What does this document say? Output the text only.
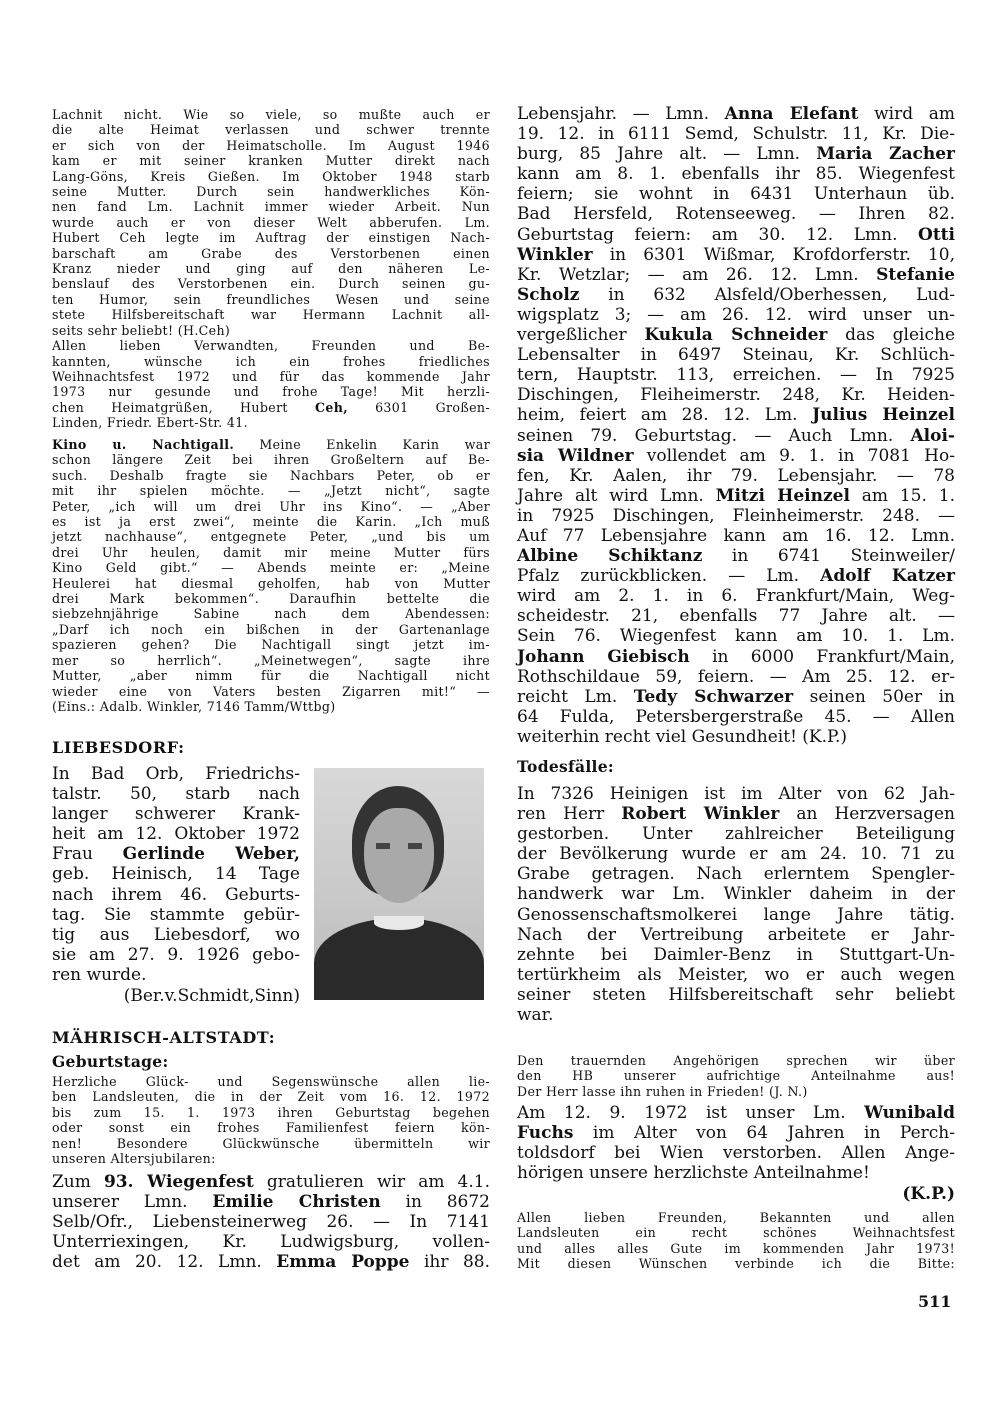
Lachnit nicht. Wie so viele, so mußte auch er
die alte Heimat verlassen und schwer trennte
er sich von der Heimatscholle. Im August 1946
kam er mit seiner kranken Mutter direkt nach
Lang-Göns, Kreis Gießen. Im Oktober 1948 starb
seine Mutter. Durch sein handwerkliches Kön-
nen fand Lm. Lachnit immer wieder Arbeit. Nun
wurde auch er von dieser Welt abberufen. Lm.
Hubert Ceh legte im Auftrag der einstigen Nach-
barschaft am Grabe des Verstorbenen einen
Kranz nieder und ging auf den näheren Le-
benslauf des Verstorbenen ein. Durch seinen gu-
ten Humor, sein freundliches Wesen und seine
stete Hilfsbereitschaft war Hermann Lachnit all-
seits sehr beliebt! (H.Ceh)
Allen lieben Verwandten, Freunden und Be-
kannten, wünsche ich ein frohes friedliches
Weihnachtsfest 1972 und für das kommende Jahr
1973 nur gesunde und frohe Tage! Mit herzli-
chen Heimatgrüßen, Hubert Ceh, 6301 Großen-
Linden, Friedr. Ebert-Str. 41.
Kino u. Nachtigall. Meine Enkelin Karin war
schon längere Zeit bei ihren Großeltern auf Be-
such. Deshalb fragte sie Nachbars Peter, ob er
mit ihr spielen möchte. — „Jetzt nicht“, sagte
Peter, „ich will um drei Uhr ins Kino“. — „Aber
es ist ja erst zwei“, meinte die Karin. „Ich muß
jetzt nachhause“, entgegnete Peter, „und bis um
drei Uhr heulen, damit mir meine Mutter fürs
Kino Geld gibt.“ — Abends meinte er: „Meine
Heulerei hat diesmal geholfen, hab von Mutter
drei Mark bekommen“. Daraufhin bettelte die
siebzehnjährige Sabine nach dem Abendessen:
„Darf ich noch ein bißchen in der Gartenanlage
spazieren gehen? Die Nachtigall singt jetzt im-
mer so herrlich“. „Meinetwegen“, sagte ihre
Mutter, „aber nimm für die Nachtigall nicht
wieder eine von Vaters besten Zigarren mit!“ —
(Eins.: Adalb. Winkler, 7146 Tamm/Wttbg)
LIEBESDORF:
In Bad Orb, Friedrichs-
talstr. 50, starb nach
langer schwerer Krank-
heit am 12. Oktober 1972
Frau Gerlinde Weber,
geb. Heinisch, 14 Tage
nach ihrem 46. Geburts-
tag. Sie stammte gebür-
tig aus Liebesdorf, wo
sie am 27. 9. 1926 gebo-
ren wurde.
(Ber.v.Schmidt,Sinn)
MÄHRISCH-ALTSTADT:
Geburtstage:
Herzliche Glück- und Segenswünsche allen lie-
ben Landsleuten, die in der Zeit vom 16. 12. 1972
bis zum 15. 1. 1973 ihren Geburtstag begehen
oder sonst ein frohes Familienfest feiern kön-
nen! Besondere Glückwünsche übermitteln wir
unseren Altersjubilaren:
Zum 93. Wiegenfest gratulieren wir am 4.1.
unserer Lmn. Emilie Christen in 8672
Selb/Ofr., Liebensteinerweg 26. — In 7141
Unterriexingen, Kr. Ludwigsburg, vollen-
det am 20. 12. Lmn. Emma Poppe ihr 88.
Lebensjahr. — Lmn. Anna Elefant wird am
19. 12. in 6111 Semd, Schulstr. 11, Kr. Die-
burg, 85 Jahre alt. — Lmn. Maria Zacher
kann am 8. 1. ebenfalls ihr 85. Wiegenfest
feiern; sie wohnt in 6431 Unterhaun üb.
Bad Hersfeld, Rotenseeweg. — Ihren 82.
Geburtstag feiern: am 30. 12. Lmn. Otti
Winkler in 6301 Wißmar, Krofdorferstr. 10,
Kr. Wetzlar; — am 26. 12. Lmn. Stefanie
Scholz in 632 Alsfeld/Oberhessen, Lud-
wigsplatz 3; — am 26. 12. wird unser un-
vergeßlicher Kukula Schneider das gleiche
Lebensalter in 6497 Steinau, Kr. Schlüch-
tern, Hauptstr. 113, erreichen. — In 7925
Dischingen, Fleiheimerstr. 248, Kr. Heiden-
heim, feiert am 28. 12. Lm. Julius Heinzel
seinen 79. Geburtstag. — Auch Lmn. Aloi-
sia Wildner vollendet am 9. 1. in 7081 Ho-
fen, Kr. Aalen, ihr 79. Lebensjahr. — 78
Jahre alt wird Lmn. Mitzi Heinzel am 15. 1.
in 7925 Dischingen, Fleinheimerstr. 248. —
Auf 77 Lebensjahre kann am 16. 12. Lmn.
Albine Schiktanz in 6741 Steinweiler/
Pfalz zurückblicken. — Lm. Adolf Katzer
wird am 2. 1. in 6. Frankfurt/Main, Weg-
scheidestr. 21, ebenfalls 77 Jahre alt. —
Sein 76. Wiegenfest kann am 10. 1. Lm.
Johann Giebisch in 6000 Frankfurt/Main,
Rothschildaue 59, feiern. — Am 25. 12. er-
reicht Lm. Tedy Schwarzer seinen 50er in
64 Fulda, Petersbergerstraße 45. — Allen
weiterhin recht viel Gesundheit! (K.P.)
Todesfälle:
In 7326 Heinigen ist im Alter von 62 Jah-
ren Herr Robert Winkler an Herzversagen
gestorben. Unter zahlreicher Beteiligung
der Bevölkerung wurde er am 24. 10. 71 zu
Grabe getragen. Nach erlerntem Spengler-
handwerk war Lm. Winkler daheim in der
Genossenschaftsmolkerei lange Jahre tätig.
Nach der Vertreibung arbeitete er Jahr-
zehnte bei Daimler-Benz in Stuttgart-Un-
tertürkheim als Meister, wo er auch wegen
seiner steten Hilfsbereitschaft sehr beliebt
war.
Den trauernden Angehörigen sprechen wir über
den HB unserer aufrichtige Anteilnahme aus!
Der Herr lasse ihn ruhen in Frieden! (J. N.)
Am 12. 9. 1972 ist unser Lm. Wunibald
Fuchs im Alter von 64 Jahren in Perch-
toldsdorf bei Wien verstorben. Allen Ange-
hörigen unsere herzlichste Anteilnahme!
(K.P.)
Allen lieben Freunden, Bekannten und allen
Landsleuten ein recht schönes Weihnachtsfest
und alles alles Gute im kommenden Jahr 1973!
Mit diesen Wünschen verbinde ich die Bitte:
511
